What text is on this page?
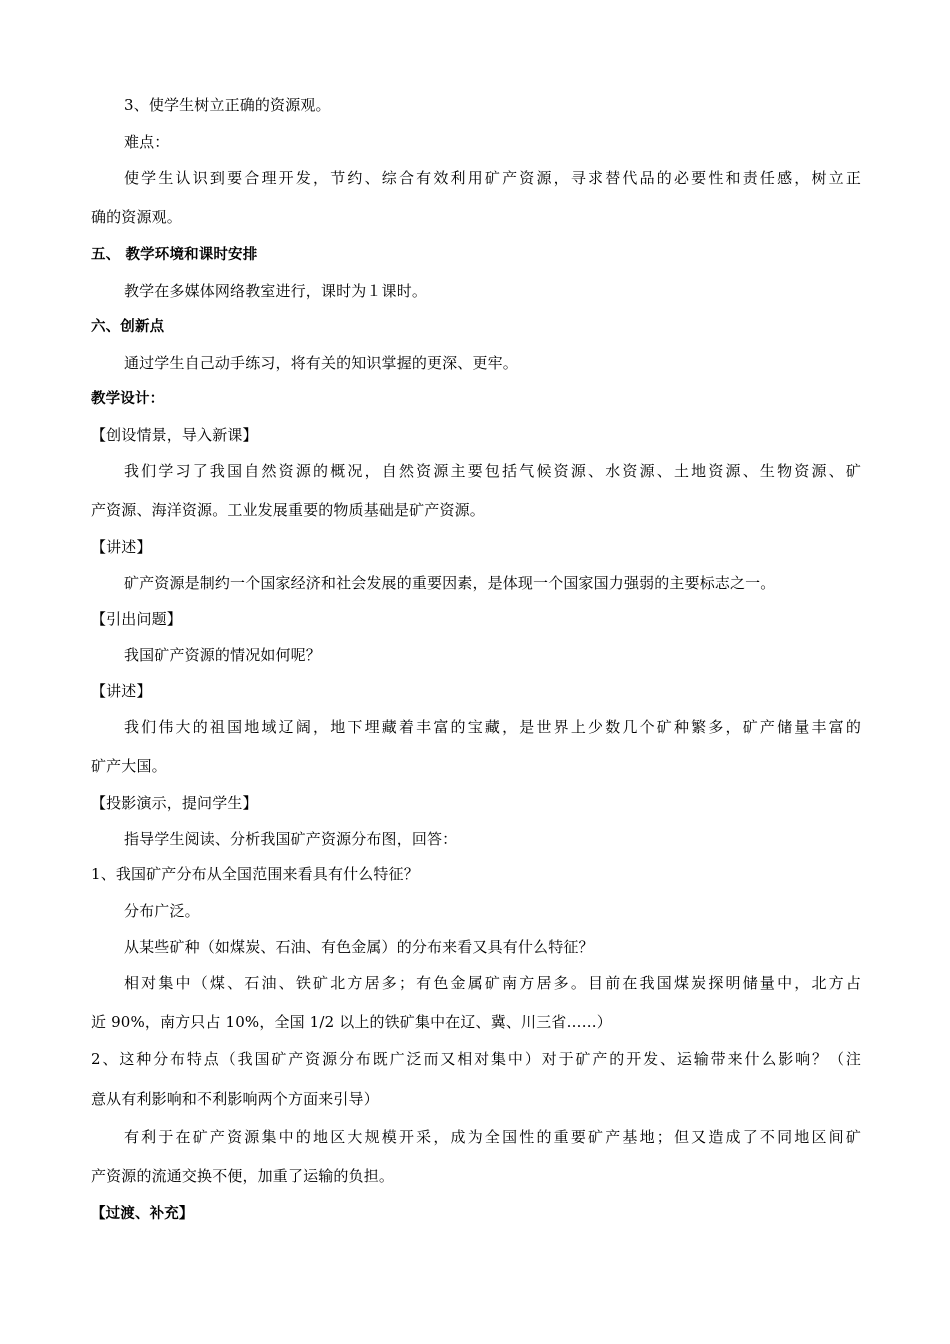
3、使学生树立正确的资源观。
难点：
使学生认识到要合理开发，节约、综合有效利用矿产资源，寻求替代品的必要性和责任感，树立正
确的资源观。
五、 教学环境和课时安排
教学在多媒体网络教室进行，课时为１课时。
六、创新点
通过学生自己动手练习，将有关的知识掌握的更深、更牢。
教学设计：
【创设情景，导入新课】
我们学习了我国自然资源的概况，自然资源主要包括气候资源、水资源、土地资源、生物资源、矿
产资源、海洋资源。工业发展重要的物质基础是矿产资源。
【讲述】
矿产资源是制约一个国家经济和社会发展的重要因素，是体现一个国家国力强弱的主要标志之一。
【引出问题】
我国矿产资源的情况如何呢？
【讲述】
我们伟大的祖国地域辽阔，地下埋藏着丰富的宝藏，是世界上少数几个矿种繁多，矿产储量丰富的
矿产大国。
【投影演示，提问学生】
指导学生阅读、分析我国矿产资源分布图，回答：
1、我国矿产分布从全国范围来看具有什么特征？
分布广泛。
从某些矿种（如煤炭、石油、有色金属）的分布来看又具有什么特征？
相对集中（煤、石油、铁矿北方居多；有色金属矿南方居多。目前在我国煤炭探明储量中，北方占
近 90%，南方只占 10%，全国 1/2 以上的铁矿集中在辽、冀、川三省……）
2、这种分布特点（我国矿产资源分布既广泛而又相对集中）对于矿产的开发、运输带来什么影响？（注
意从有利影响和不利影响两个方面来引导）
有利于在矿产资源集中的地区大规模开采，成为全国性的重要矿产基地；但又造成了不同地区间矿
产资源的流通交换不便，加重了运输的负担。
【过渡、补充】
